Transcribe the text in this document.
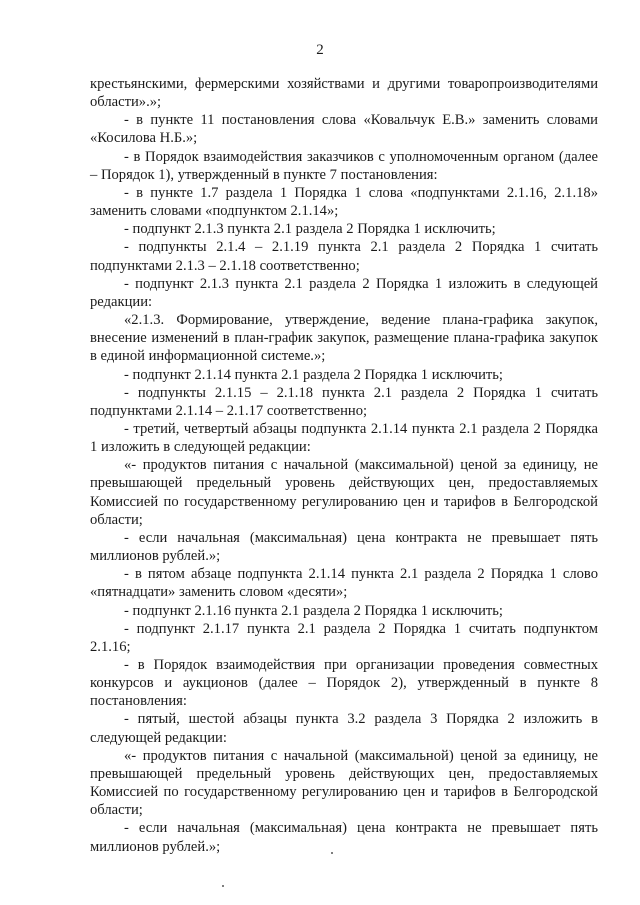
2

крестьянскими, фермерскими хозяйствами и другими товаропроизводителями области».»;

- в пункте 11 постановления слова «Ковальчук Е.В.» заменить словами «Косилова Н.Б.»;

- в Порядок взаимодействия заказчиков с уполномоченным органом (далее – Порядок 1), утвержденный в пункте 7 постановления:

- в пункте 1.7 раздела 1 Порядка 1 слова «подпунктами 2.1.16, 2.1.18» заменить словами «подпунктом 2.1.14»;

- подпункт 2.1.3 пункта 2.1 раздела 2 Порядка 1 исключить;

- подпункты 2.1.4 – 2.1.19 пункта 2.1 раздела 2 Порядка 1 считать подпунктами 2.1.3 – 2.1.18 соответственно;

- подпункт 2.1.3 пункта 2.1 раздела 2 Порядка 1 изложить в следующей редакции:

«2.1.3. Формирование, утверждение, ведение плана-графика закупок, внесение изменений в план-график закупок, размещение плана-графика закупок в единой информационной системе.»;

- подпункт 2.1.14 пункта 2.1 раздела 2 Порядка 1 исключить;

- подпункты 2.1.15 – 2.1.18 пункта 2.1 раздела 2 Порядка 1 считать подпунктами 2.1.14 – 2.1.17 соответственно;

- третий, четвертый абзацы подпункта 2.1.14 пункта 2.1 раздела 2 Порядка 1 изложить в следующей редакции:

«- продуктов питания с начальной (максимальной) ценой за единицу, не превышающей предельный уровень действующих цен, предоставляемых Комиссией по государственному регулированию цен и тарифов в Белгородской области;

- если начальная (максимальная) цена контракта не превышает пять миллионов рублей.»;

- в пятом абзаце подпункта 2.1.14 пункта 2.1 раздела 2 Порядка 1 слово «пятнадцати» заменить словом «десяти»;

- подпункт 2.1.16 пункта 2.1 раздела 2 Порядка 1 исключить;

- подпункт 2.1.17 пункта 2.1 раздела 2 Порядка 1 считать подпунктом 2.1.16;

- в Порядок взаимодействия при организации проведения совместных конкурсов и аукционов (далее – Порядок 2), утвержденный в пункте 8 постановления:

- пятый, шестой абзацы пункта 3.2 раздела 3 Порядка 2 изложить в следующей редакции:

«- продуктов питания с начальной (максимальной) ценой за единицу, не превышающей предельный уровень действующих цен, предоставляемых Комиссией по государственному регулированию цен и тарифов в Белгородской области;

- если начальная (максимальная) цена контракта не превышает пять миллионов рублей.»;
